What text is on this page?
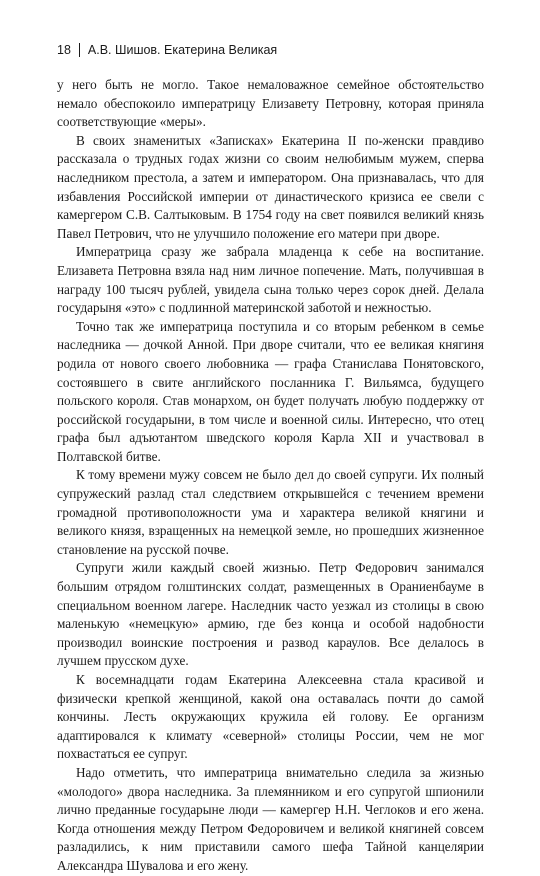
18 А.В. Шишов. Екатерина Великая

у него быть не могло. Такое немаловажное семейное обстоятельство немало обеспокоило императрицу Елизавету Петровну, которая приняла соответствующие «меры».

В своих знаменитых «Записках» Екатерина II по-женски правдиво рассказала о трудных годах жизни со своим нелюбимым мужем, сперва наследником престола, а затем и императором. Она признавалась, что для избавления Российской империи от династического кризиса ее свели с камергером С.В. Салтыковым. В 1754 году на свет появился великий князь Павел Петрович, что не улучшило положение его матери при дворе.

Императрица сразу же забрала младенца к себе на воспитание. Елизавета Петровна взяла над ним личное попечение. Мать, получившая в награду 100 тысяч рублей, увидела сына только через сорок дней. Делала государыня «это» с подлинной материнской заботой и нежностью.

Точно так же императрица поступила и со вторым ребенком в семье наследника — дочкой Анной. При дворе считали, что ее великая княгиня родила от нового своего любовника — графа Станислава Понятовского, состоявшего в свите английского посланника Г. Вильямса, будущего польского короля. Став монархом, он будет получать любую поддержку от российской государыни, в том числе и военной силы. Интересно, что отец графа был адъютантом шведского короля Карла XII и участвовал в Полтавской битве.

К тому времени мужу совсем не было дел до своей супруги. Их полный супружеский разлад стал следствием открывшейся с течением времени громадной противоположности ума и характера великой княгини и великого князя, взращенных на немецкой земле, но прошедших жизненное становление на русской почве.

Супруги жили каждый своей жизнью. Петр Федорович занимался большим отрядом голштинских солдат, размещенных в Ораниенбауме в специальном военном лагере. Наследник часто уезжал из столицы в свою маленькую «немецкую» армию, где без конца и особой надобности производил воинские построения и развод караулов. Все делалось в лучшем прусском духе.

К восемнадцати годам Екатерина Алексеевна стала красивой и физически крепкой женщиной, какой она оставалась почти до самой кончины. Лесть окружающих кружила ей голову. Ее организм адаптировался к климату «северной» столицы России, чем не мог похвастаться ее супруг.

Надо отметить, что императрица внимательно следила за жизнью «молодого» двора наследника. За племянником и его супругой шпионили лично преданные государыне люди — камергер Н.Н. Чеглоков и его жена. Когда отношения между Петром Федоровичем и великой княгиней совсем разладились, к ним приставили самого шефа Тайной канцелярии Александра Шувалова и его жену.
